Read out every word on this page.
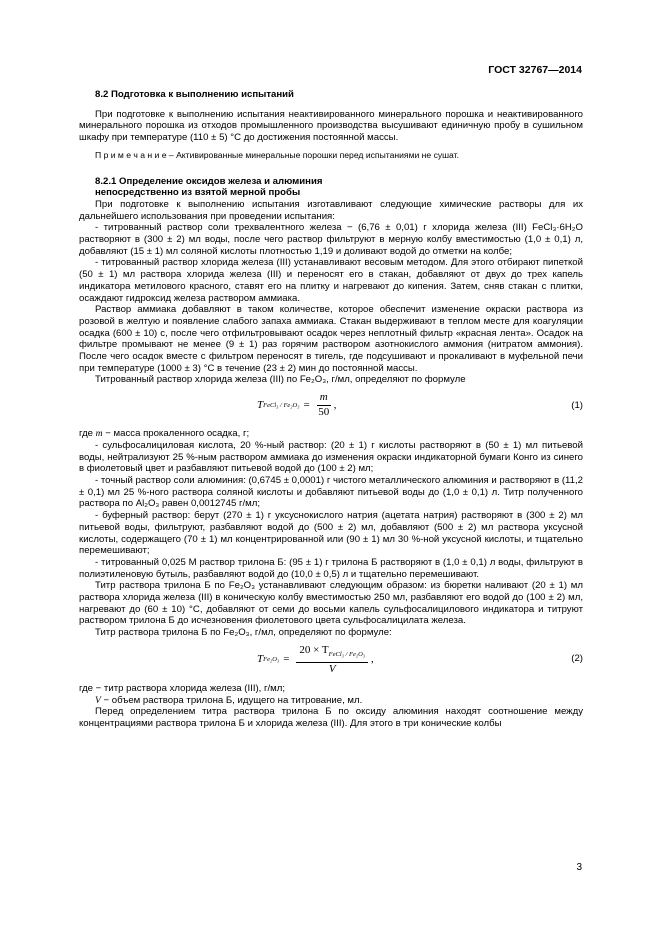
ГОСТ 32767—2014

8.2 Подготовка к выполнению испытаний

При подготовке к выполнению испытания неактивированного минерального порошка и неактивированного минерального порошка из отходов промышленного производства высушивают единичную пробу в сушильном шкафу при температуре (110 ± 5) °С до достижения постоянной массы.

П р и м е ч а н и е – Активированные минеральные порошки перед испытаниями не сушат.

8.2.1 Определение оксидов железа и алюминия

непосредственно из взятой мерной пробы

При подготовке к выполнению испытания изготавливают следующие химические растворы для их дальнейшего использования при проведении испытания:

- титрованный раствор соли трехвалентного железа − (6,76 ± 0,01) г хлорида железа (III) FeCl₃·6H₂O растворяют в (300 ± 2) мл воды, после чего раствор фильтруют в мерную колбу вместимостью (1,0 ± 0,1) л, добавляют (15 ± 1) мл соляной кислоты плотностью 1,19 и доливают водой до отметки на колбе;

- титрованный раствор хлорида железа (III) устанавливают весовым методом. Для этого отбирают пипеткой (50 ± 1) мл раствора хлорида железа (III) и переносят его в стакан, добавляют от двух до трех капель индикатора метилового красного, ставят его на плитку и нагревают до кипения. Затем, сняв стакан с плитки, осаждают гидроксид железа раствором аммиака.

Раствор аммиака добавляют в таком количестве, которое обеспечит изменение окраски раствора из розовой в желтую и появление слабого запаха аммиака. Стакан выдерживают в теплом месте для коагуляции осадка (600 ± 10) с, после чего отфильтровывают осадок через неплотный фильтр «красная лента». Осадок на фильтре промывают не менее (9 ± 1) раз горячим раствором азотнокислого аммония (нитратом аммония). После чего осадок вместе с фильтром переносят в тигель, где подсушивают и прокаливают в муфельной печи при температуре (1000 ± 3) °С в течение (23 ± 2) мин до постоянной массы.

Титрованный раствор хлорида железа (III) по Fe₂O₃, г/мл, определяют по формуле

T FeCl₃ / $Fe_2O_3 = \frac{m}{50}$ ,	(1)

где m − масса прокаленного осадка, г;

- сульфосалициловая кислота, 20 %-ный раствор: (20 ± 1) г кислоты растворяют в (50 ± 1) мл питьевой воды, нейтрализуют 25 %-ным раствором аммиака до изменения окраски индикаторной бумаги Конго из синего в фиолетовый цвет и разбавляют питьевой водой до (100 ± 2) мл;

- точный раствор соли алюминия: (0,6745 ± 0,0001) г чистого металлического алюминия и растворяют в (11,2 ± 0,1) мл 25 %-ного раствора соляной кислоты и добавляют питьевой воды до (1,0 ± 0,1) л. Титр полученного раствора по Al₂O₃ равен 0,0012745 г/мл;

- буферный раствор: берут (270 ± 1) г уксуснокислого натрия (ацетата натрия) растворяют в (300 ± 2) мл питьевой воды, фильтруют, разбавляют водой до (500 ± 2) мл, добавляют (500 ± 2) мл раствора уксусной кислоты, содержащего (70 ± 1) мл концентрированной или (90 ± 1) мл 30 %-ной уксусной кислоты, и тщательно перемешивают;

- титрованный 0,025 М раствор трилона Б: (95 ± 1) г трилона Б растворяют в (1,0 ± 0,1) л воды, фильтруют в полиэтиленовую бутыль, разбавляют водой до (10,0 ± 0,5) л и тщательно перемешивают.

Титр раствора трилона Б по Fe₂O₃ устанавливают следующим образом: из бюретки наливают (20 ± 1) мл раствора хлорида железа (III) в коническую колбу вместимостью 250 мл, разбавляют его водой до (100 ± 2) мл, нагревают до (60 ± 10) °С, добавляют от семи до восьми капель сульфосалицилового индикатора и титруют раствором трилона Б до исчезновения фиолетового цвета сульфосалицилата железа.

Титр раствора трилона Б по Fe₂O₃, г/мл, определяют по формуле:

T $Fe_2O_3 = \frac{20 \times T_{FeCl_3 / Fe_2O_3}}{V}$ ,	(2)

где − титр раствора хлорида железа (III), г/мл;

V − объем раствора трилона Б, идущего на титрование, мл.

Перед определением титра раствора трилона Б по оксиду алюминия находят соотношение между концентрациями раствора трилона Б и хлорида железа (III). Для этого в три конические колбы

3
